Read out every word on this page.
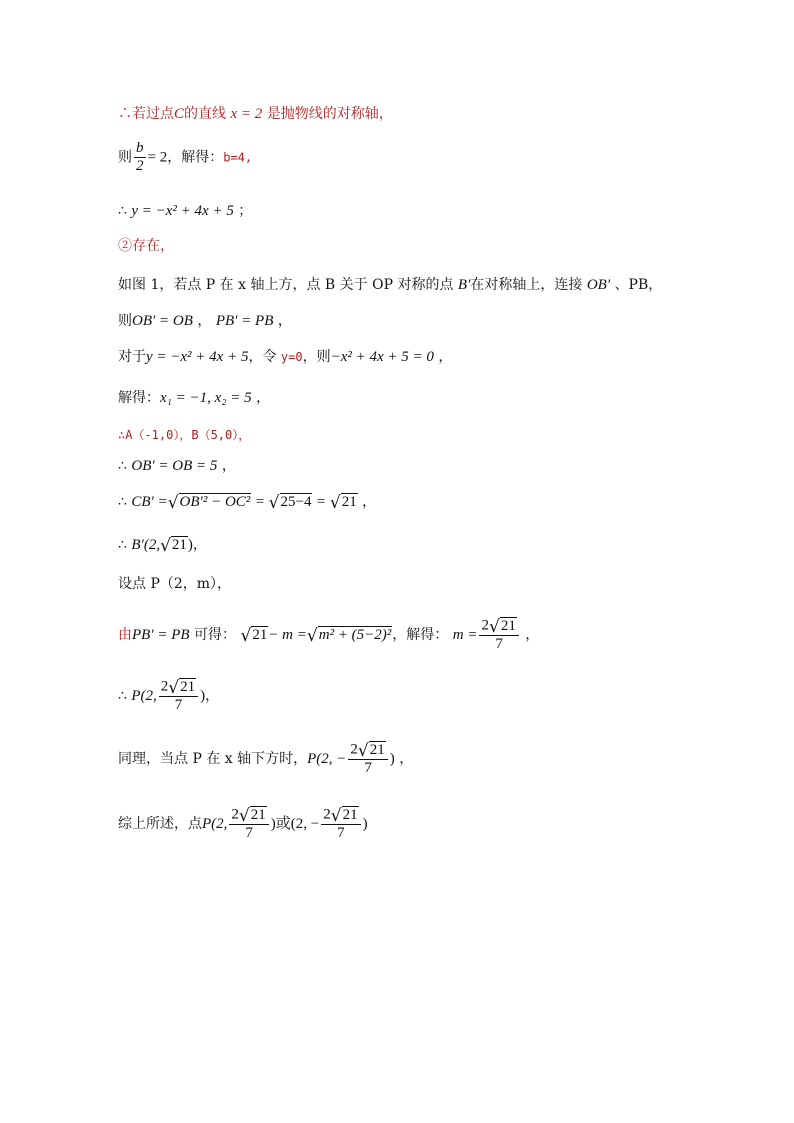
∴若过点C的直线 x = 2 是抛物线的对称轴，
则 $\frac{b}{2} = 2$，解得：b=4,
∴ y = −x² + 4x + 5 ；
②存在，
如图 1，若点 P 在 x 轴上方，点 B 关于 OP 对称的点 B′在对称轴上，连接 OB′ 、PB，
则OB′ = OB ， PB′ = PB ，
对于y = −x² + 4x + 5，令 y=0，则−x² + 4x + 5 = 0 ，
解得：x₁ = −1, x₂ = 5 ，
∴A（-1,0），B（5,0），
∴ OB′ = OB = 5 ，
∴ CB′ = √ OB′² − OC² = √ 25−4 = √ 21 ，
∴ B′(2, √ 21 )，
设点 P（2，m），
由PB′ = PB 可得： √ 21 − m = √ m² + (5−2)² ，解得： $m = \frac{2 √ 21}{7}$ ，
∴ P(2, $\frac{2 √ 21}{7}$ )，
同理，当点 P 在 x 轴下方时，P(2, − $\frac{2 √ 21}{7}$ ) ，
综上所述，点P(2, $\frac{2 √ 21}{7}$ )或(2, − $\frac{2 √ 21}{7}$ )
